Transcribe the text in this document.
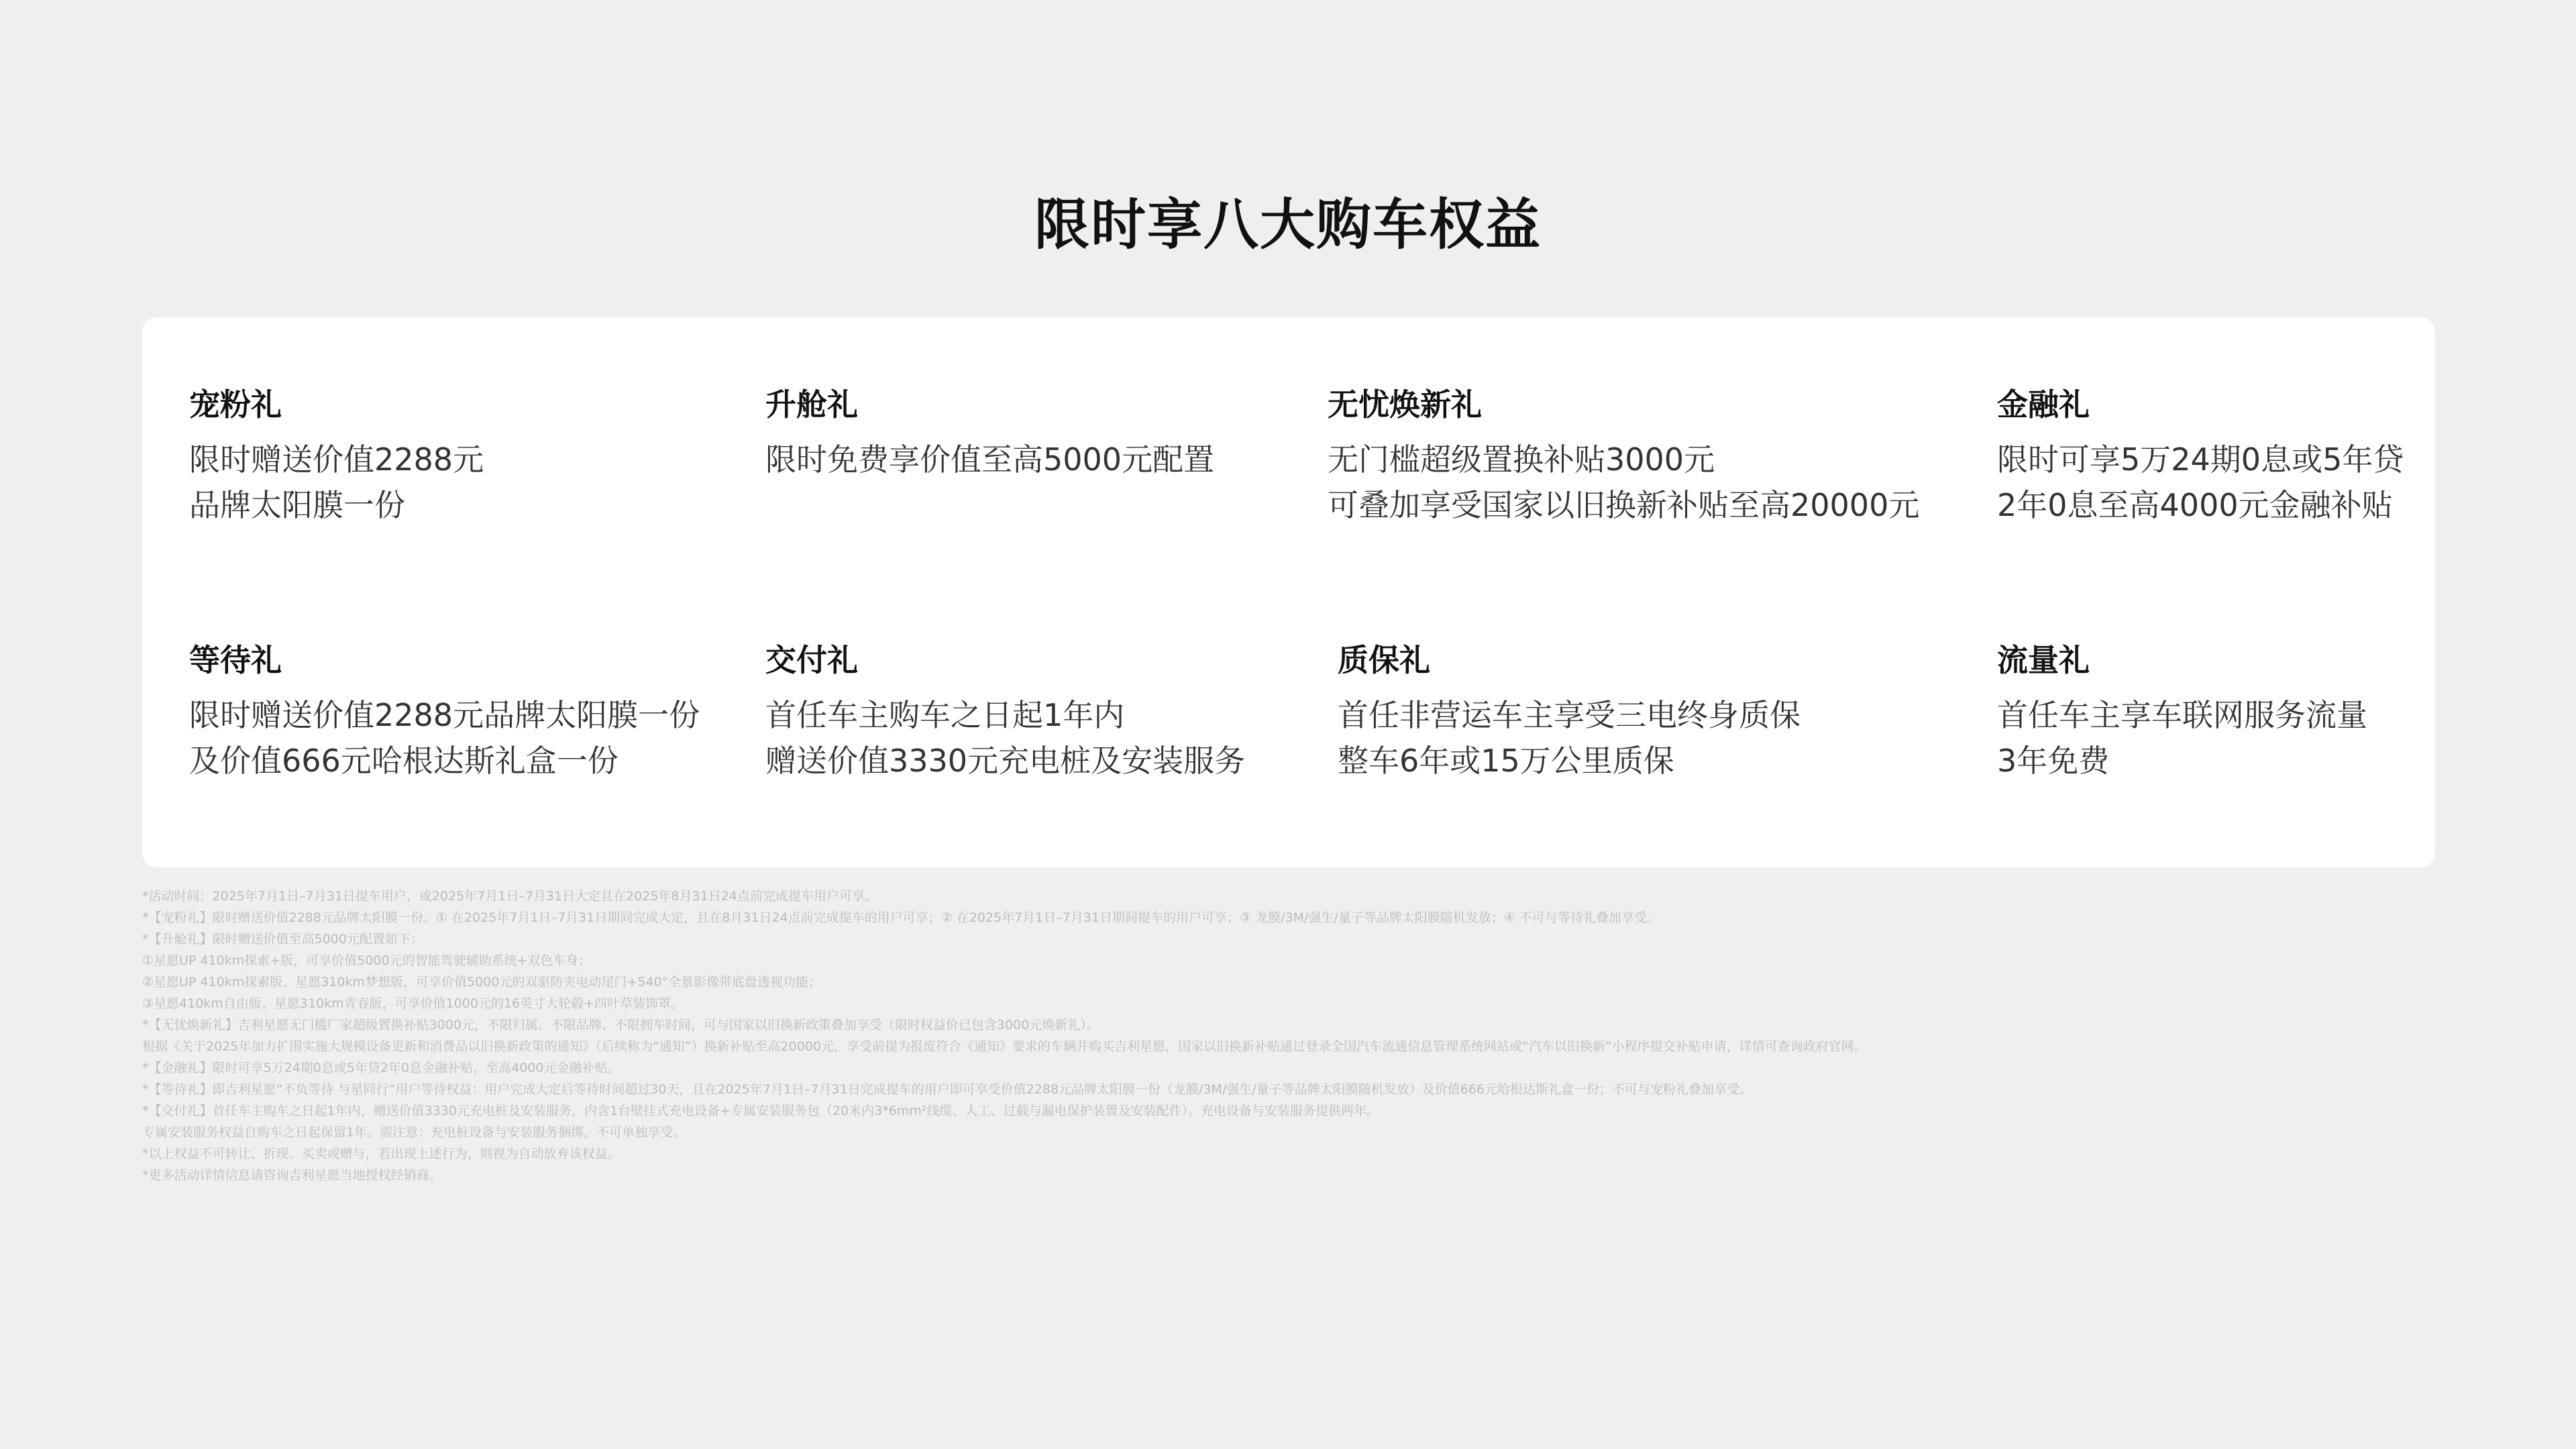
限时享八大购车权益
宠粉礼
限时赠送价值2288元
品牌太阳膜一份
升舱礼
限时免费享价值至高5000元配置
无忧焕新礼
无门槛超级置换补贴3000元
可叠加享受国家以旧换新补贴至高20000元
金融礼
限时可享5万24期0息或5年贷
2年0息至高4000元金融补贴
等待礼
限时赠送价值2288元品牌太阳膜一份
及价值666元哈根达斯礼盒一份
交付礼
首任车主购车之日起1年内
赠送价值3330元充电桩及安装服务
质保礼
首任非营运车主享受三电终身质保
整车6年或15万公里质保
流量礼
首任车主享车联网服务流量
3年免费
*活动时间：2025年7月1日–7月31日提车用户，或2025年7月1日–7月31日大定且在2025年8月31日24点前完成提车用户可享。
*【宠粉礼】限时赠送价值2288元品牌太阳膜一份。① 在2025年7月1日–7月31日期间完成大定，且在8月31日24点前完成提车的用户可享；② 在2025年7月1日–7月31日期间提车的用户可享；③ 龙膜/3M/强生/量子等品牌太阳膜随机发放；④ 不可与等待礼叠加享受。
*【升舱礼】限时赠送价值至高5000元配置如下：
①星愿UP 410km探索+版，可享价值5000元的智能驾驶辅助系统+双色车身；
②星愿UP 410km探索版、星愿310km梦想版，可享价值5000元的双驱防夹电动尾门+540°全景影像带底盘透视功能；
③星愿410km自由版、星愿310km青春版，可享价值1000元的16英寸大轮毂+四叶草装饰罩。
*【无忧焕新礼】吉利星愿无门槛厂家超级置换补贴3000元，不限归属、不限品牌、不限拥车时间，可与国家以旧换新政策叠加享受（限时权益价已包含3000元焕新礼）。
根据《关于2025年加力扩围实施大规模设备更新和消费品以旧换新政策的通知》（后续称为“通知”）换新补贴至高20000元，享受前提为报废符合《通知》要求的车辆并购买吉利星愿，国家以旧换新补贴通过登录全国汽车流通信息管理系统网站或“汽车以旧换新”小程序提交补贴申请，详情可查询政府官网。
*【金融礼】限时可享5万24期0息或5年贷2年0息金融补贴，至高4000元金融补贴。
*【等待礼】即吉利星愿“不负等待 与星同行”用户等待权益：用户完成大定后等待时间超过30天，且在2025年7月1日–7月31日完成提车的用户即可享受价值2288元品牌太阳膜一份（龙膜/3M/强生/量子等品牌太阳膜随机发放）及价值666元哈根达斯礼盒一份；不可与宠粉礼叠加享受。
*【交付礼】首任车主购车之日起1年内，赠送价值3330元充电桩及安装服务，内含1台壁挂式充电设备+专属安装服务包（20米内3*6mm²线缆、人工、过载与漏电保护装置及安装配件）。充电设备与安装服务提供两年。
专属安装服务权益自购车之日起保留1年。需注意：充电桩设备与安装服务捆绑，不可单独享受。
*以上权益不可转让、折现、买卖或赠与，若出现上述行为，则视为自动放弃该权益。
*更多活动详情信息请咨询吉利星愿当地授权经销商。
